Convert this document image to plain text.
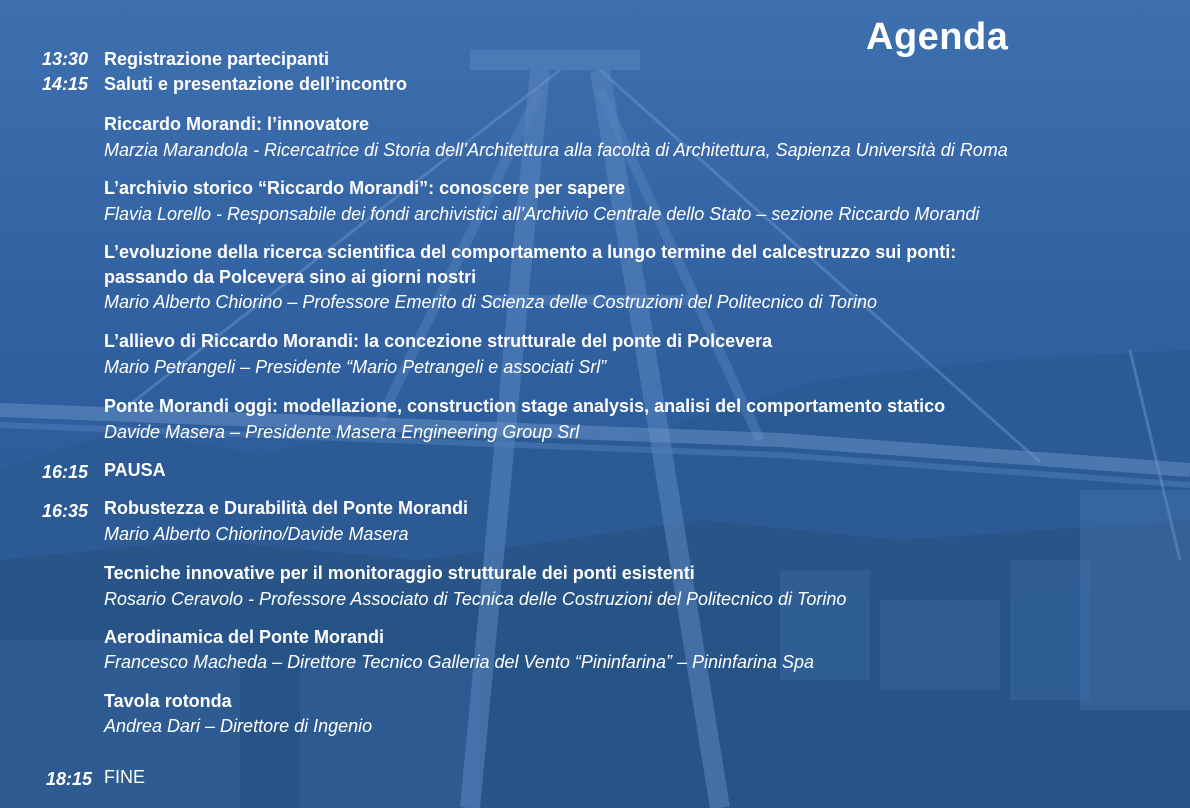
Agenda
13:30
14:15
16:15
16:35
18:15
Registrazione partecipanti
Saluti e presentazione dell’incontro
Riccardo Morandi: l’innovatore
Marzia Marandola - Ricercatrice di Storia dell’Architettura alla facoltà di Architettura, Sapienza Università di Roma
L’archivio storico “Riccardo Morandi”: conoscere per sapere
Flavia Lorello - Responsabile dei fondi archivistici all’Archivio Centrale dello Stato – sezione Riccardo Morandi
L’evoluzione della ricerca scientifica del comportamento a lungo termine del calcestruzzo sui ponti:
passando da Polcevera sino ai giorni nostri
Mario Alberto Chiorino – Professore Emerito di Scienza delle Costruzioni del Politecnico di Torino
L’allievo di Riccardo Morandi: la concezione strutturale del ponte di Polcevera
Mario Petrangeli – Presidente “Mario Petrangeli e associati Srl”
Ponte Morandi oggi: modellazione, construction stage analysis, analisi del comportamento statico
Davide Masera – Presidente Masera Engineering Group Srl
PAUSA
Robustezza e Durabilità del Ponte Morandi
Mario Alberto Chiorino/Davide Masera
Tecniche innovative per il monitoraggio strutturale dei ponti esistenti
Rosario Ceravolo - Professore Associato di Tecnica delle Costruzioni del Politecnico di Torino
Aerodinamica del Ponte Morandi
Francesco Macheda – Direttore Tecnico Galleria del Vento “Pininfarina” – Pininfarina Spa
Tavola rotonda
Andrea Dari – Direttore di Ingenio
FINE
